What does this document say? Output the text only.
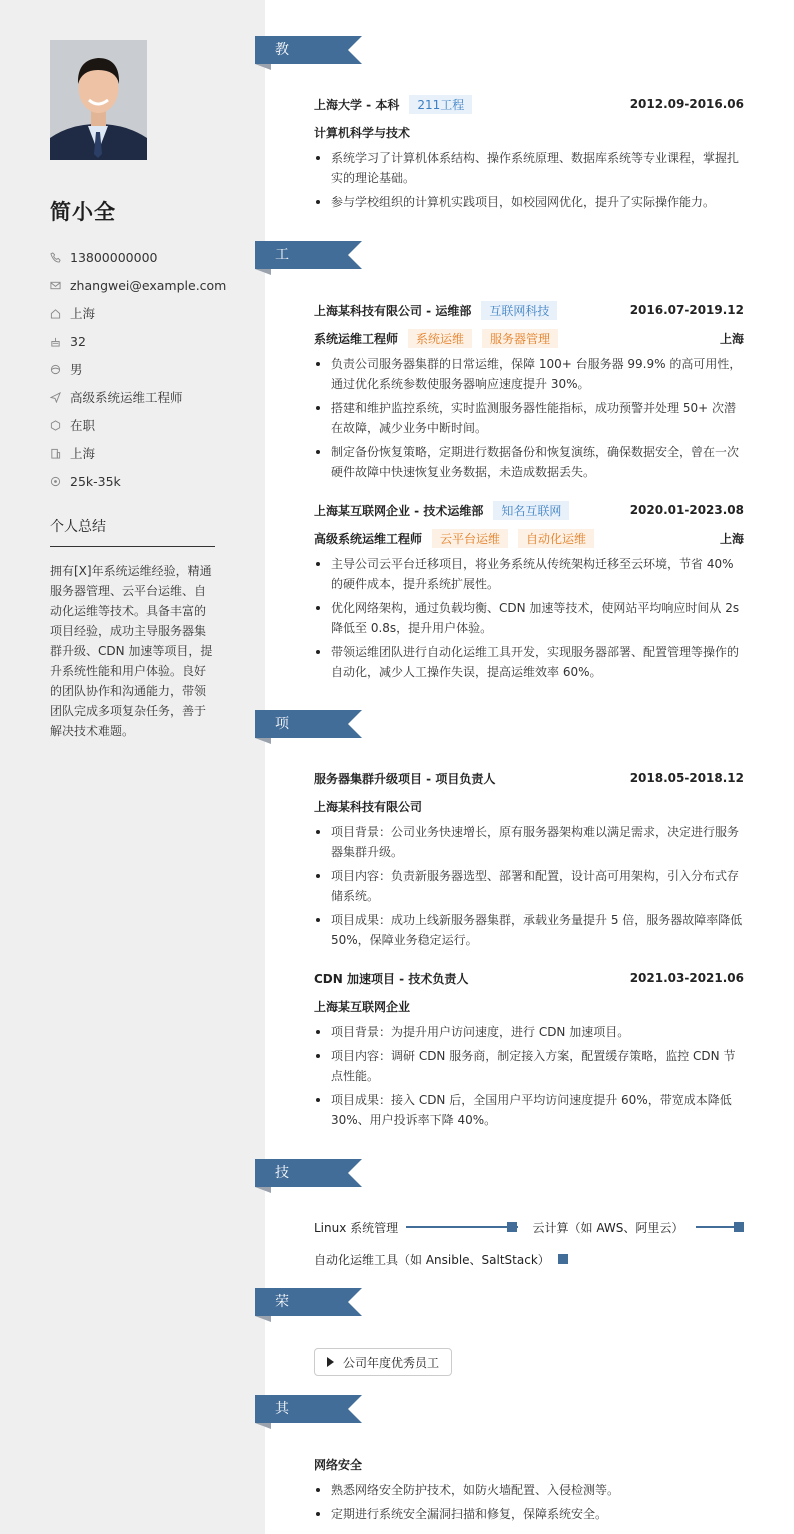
简小全
13800000000
zhangwei@example.com
上海
32
男
高级系统运维工程师
在职
上海
25k-35k
个人总结
拥有[X]年系统运维经验，精通服务器管理、云平台运维、自动化运维等技术。具备丰富的项目经验，成功主导服务器集群升级、CDN 加速等项目，提升系统性能和用户体验。良好的团队协作和沟通能力，带领团队完成多项复杂任务，善于解决技术难题。
教育经历
上海大学 - 本科	211工程	2012.09-2016.06
计算机科学与技术
系统学习了计算机体系结构、操作系统原理、数据库系统等专业课程，掌握扎实的理论基础。
参与学校组织的计算机实践项目，如校园网优化，提升了实际操作能力。
工作经历
上海某科技有限公司 - 运维部	互联网科技	2016.07-2019.12
系统运维工程师	系统运维	服务器管理	上海
负责公司服务器集群的日常运维，保障 100+ 台服务器 99.9% 的高可用性，通过优化系统参数使服务器响应速度提升 30%。
搭建和维护监控系统，实时监测服务器性能指标，成功预警并处理 50+ 次潜在故障，减少业务中断时间。
制定备份恢复策略，定期进行数据备份和恢复演练，确保数据安全，曾在一次硬件故障中快速恢复业务数据，未造成数据丢失。
上海某互联网企业 - 技术运维部	知名互联网	2020.01-2023.08
高级系统运维工程师	云平台运维	自动化运维	上海
主导公司云平台迁移项目，将业务系统从传统架构迁移至云环境，节省 40% 的硬件成本，提升系统扩展性。
优化网络架构，通过负载均衡、CDN 加速等技术，使网站平均响应时间从 2s 降低至 0.8s，提升用户体验。
带领运维团队进行自动化运维工具开发，实现服务器部署、配置管理等操作的自动化，减少人工操作失误，提高运维效率 60%。
项目经历
服务器集群升级项目 - 项目负责人	2018.05-2018.12
上海某科技有限公司
项目背景：公司业务快速增长，原有服务器架构难以满足需求，决定进行服务器集群升级。
项目内容：负责新服务器选型、部署和配置，设计高可用架构，引入分布式存储系统。
项目成果：成功上线新服务器集群，承载业务量提升 5 倍，服务器故障率降低 50%，保障业务稳定运行。
CDN 加速项目 - 技术负责人	2021.03-2021.06
上海某互联网企业
项目背景：为提升用户访问速度，进行 CDN 加速项目。
项目内容：调研 CDN 服务商，制定接入方案，配置缓存策略，监控 CDN 节点性能。
项目成果：接入 CDN 后，全国用户平均访问速度提升 60%，带宽成本降低 30%、用户投诉率下降 40%。
技能专长
Linux 系统管理	云计算（如 AWS、阿里云）
自动化运维工具（如 Ansible、SaltStack）
荣誉奖项
公司年度优秀员工
其他信息
网络安全
熟悉网络安全防护技术，如防火墙配置、入侵检测等。
定期进行系统安全漏洞扫描和修复，保障系统安全。
